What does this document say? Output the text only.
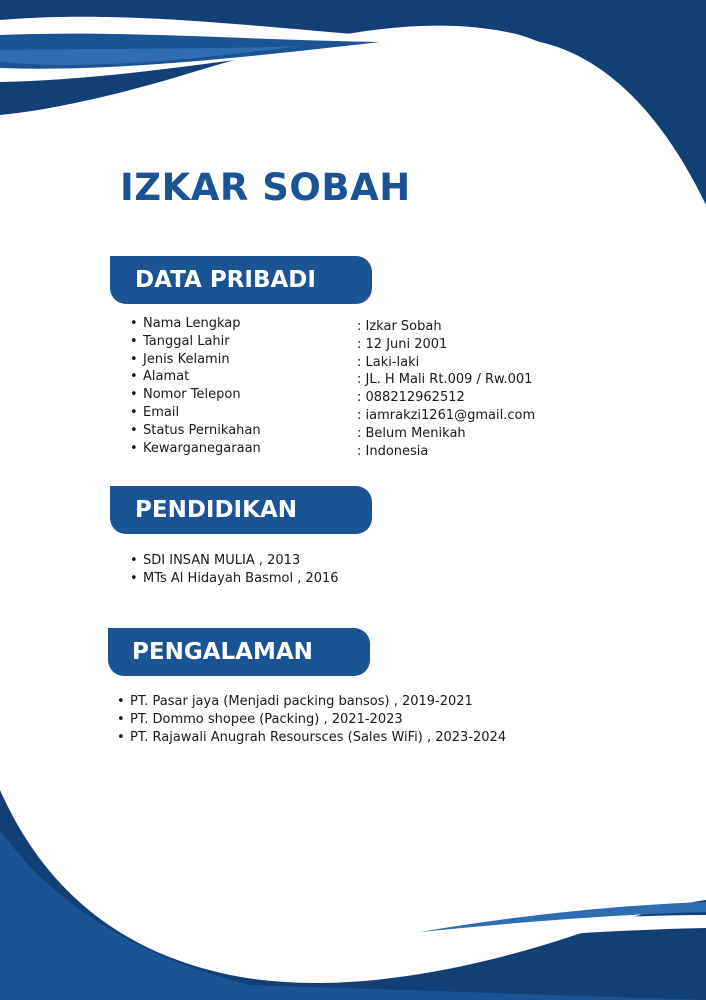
IZKAR SOBAH
DATA PRIBADI
• Nama Lengkap
• Tanggal Lahir
• Jenis Kelamin
• Alamat
• Nomor Telepon
• Email
• Status Pernikahan
• Kewarganegaraan
: Izkar Sobah
: 12 Juni 2001
: Laki-laki
: JL. H Mali Rt.009 / Rw.001
: 088212962512
: iamrakzi1261@gmail.com
: Belum Menikah
: Indonesia
PENDIDIKAN
• SDI INSAN MULIA , 2013
• MTs Al Hidayah Basmol , 2016
PENGALAMAN
• PT. Pasar jaya (Menjadi packing bansos) , 2019-2021
• PT. Dommo shopee (Packing) , 2021-2023
• PT. Rajawali Anugrah Resoursces (Sales WiFi) , 2023-2024
